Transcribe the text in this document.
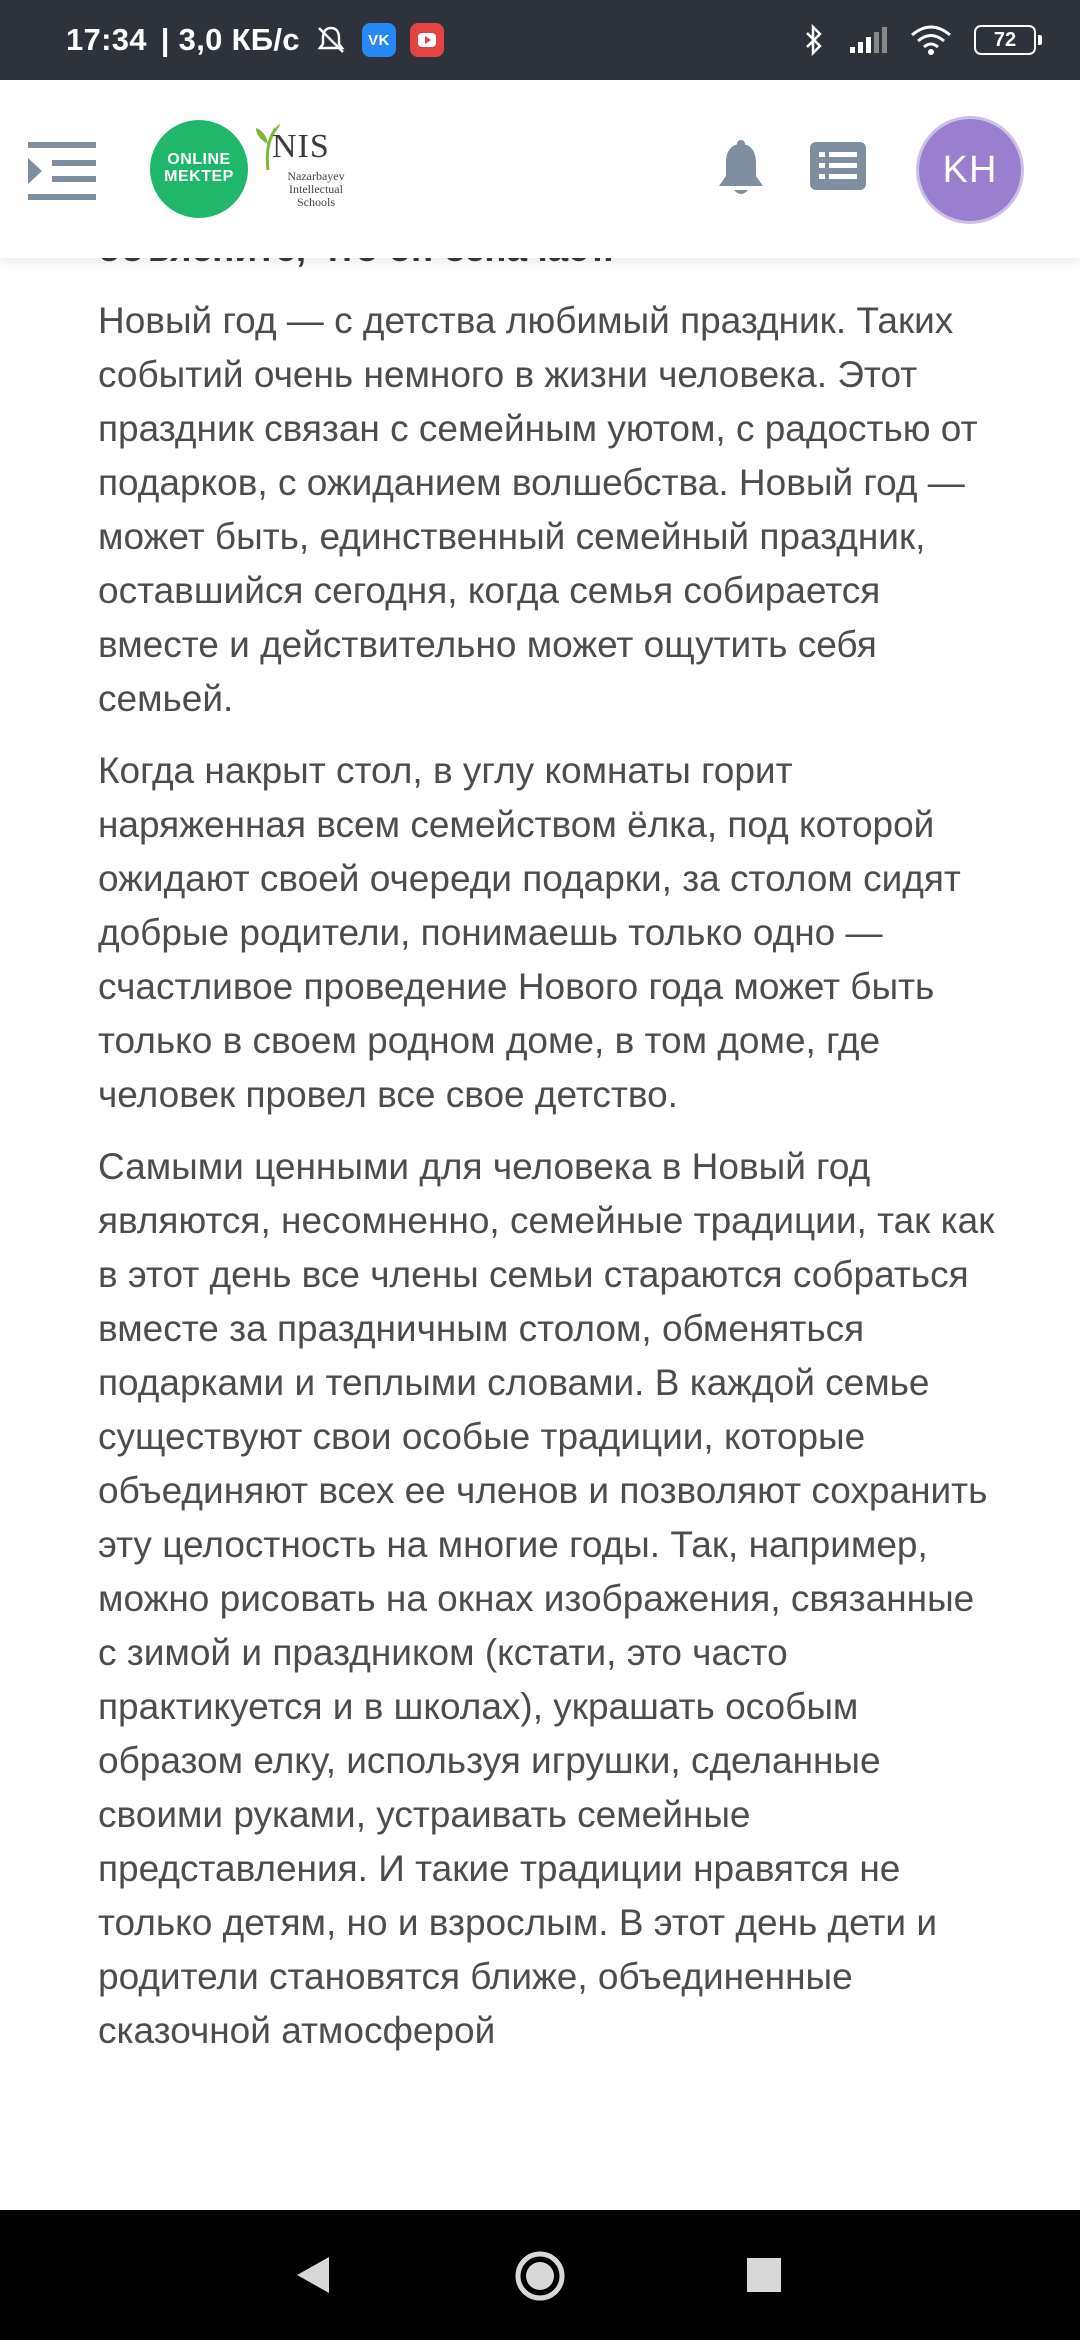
17:34 | 3,0 КБ/с	VK	72
ONLINE
MEKTEP
NIS
Nazarbayev Intellectual Schools
KH

Новый год — с детства любимый праздник. Таких событий очень немного в жизни человека. Этот праздник связан с семейным уютом, с радостью от подарков, с ожиданием волшебства. Новый год — может быть, единственный семейный праздник, оставшийся сегодня, когда семья собирается вместе и действительно может ощутить себя семьей.

Когда накрыт стол, в углу комнаты горит наряженная всем семейством ёлка, под которой ожидают своей очереди подарки, за столом сидят добрые родители, понимаешь только одно — счастливое проведение Нового года может быть только в своем родном доме, в том доме, где человек провел все свое детство.

Самыми ценными для человека в Новый год являются, несомненно, семейные традиции, так как в этот день все члены семьи стараются собраться вместе за праздничным столом, обменяться подарками и теплыми словами. В каждой семье существуют свои особые традиции, которые объединяют всех ее членов и позволяют сохранить эту целостность на многие годы. Так, например, можно рисовать на окнах изображения, связанные с зимой и праздником (кстати, это часто практикуется и в школах), украшать особым образом елку, используя игрушки, сделанные своими руками, устраивать семейные представления. И такие традиции нравятся не только детям, но и взрослым. В этот день дети и родители становятся ближе, объединенные сказочной атмосферой
